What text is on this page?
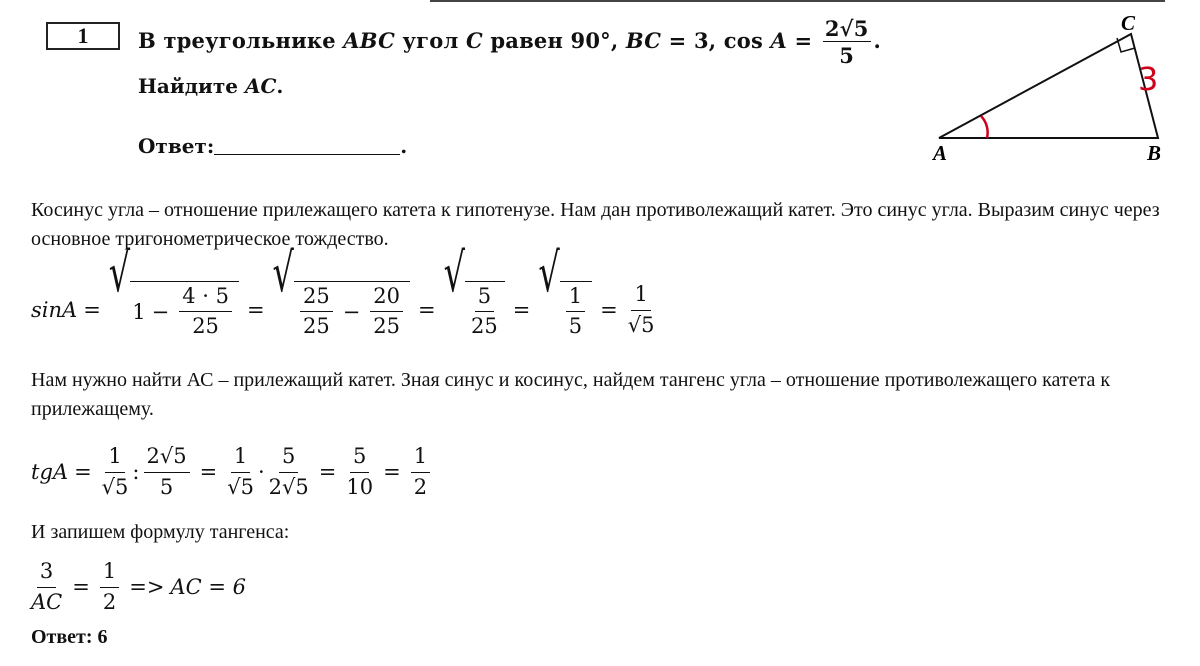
1	В треугольнике ABC угол C равен 90°, BC = 3, $\cos A = \frac{2√5}{5}$ .
Найдите AC.
Ответ:	.	A	B
C
3
Косинус угла – отношение прилежащего катета к гипотенузе. Нам дан противолежащий катет. Это синус угла. Выразим синус через основное тригонометрическое тождество.
sinA =
√
$1 - \frac{4 \cdot 5}{25}$ =
√
$\frac{25}{25} - \frac{20}{25}$ =
√
$\frac{5}{25}$ =
√
$\frac{1}{5} = \frac{1}{√5}$
Нам нужно найти АС – прилежащий катет. Зная синус и косинус, найдем тангенс угла – отношение противолежащего катета к прилежащему.
tgA = $\frac{1}{√5}$ : $\frac{2√5}{5} = \frac{1}{√5} \cdot \frac{5}{2√5} = \frac{5}{10} = \frac{1}{2}$
И запишем формулу тангенса:
$\frac{3}{AC} = \frac{1}{2}$ => AC = 6
Ответ: 6
